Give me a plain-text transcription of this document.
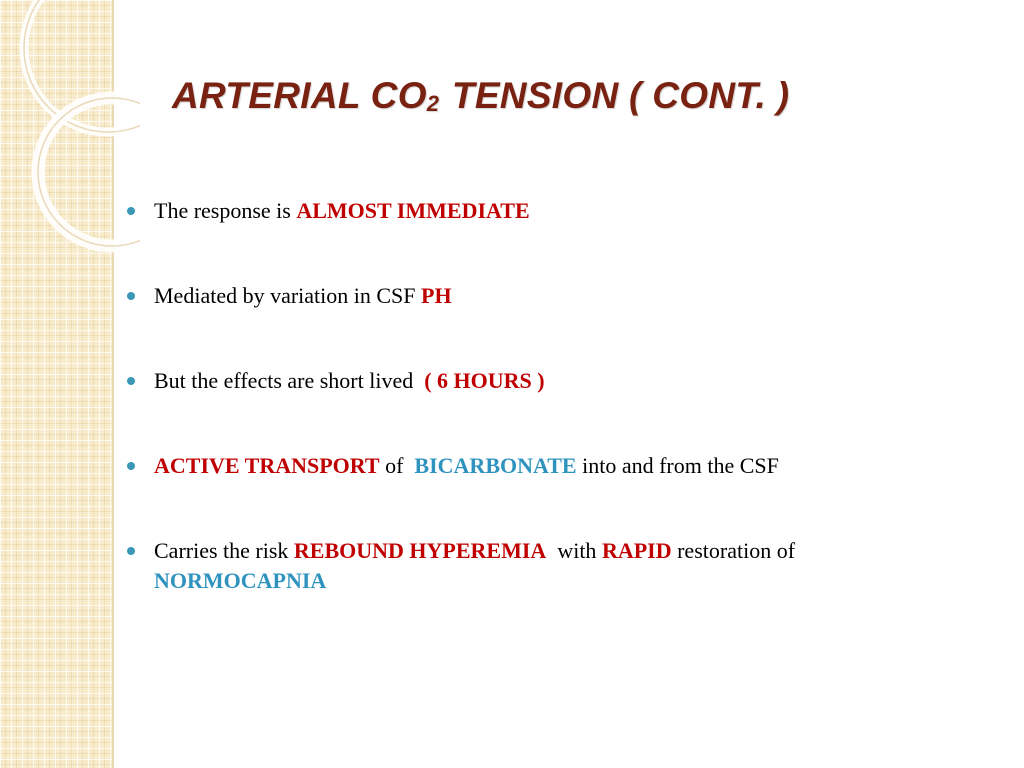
ARTERIAL CO2 TENSION ( CONT. )
The response is ALMOST IMMEDIATE
Mediated by variation in CSF PH
But the effects are short lived  ( 6 HOURS )
ACTIVE TRANSPORT of  BICARBONATE into and from the CSF
Carries the risk REBOUND HYPEREMIA  with RAPID restoration of
NORMOCAPNIA
